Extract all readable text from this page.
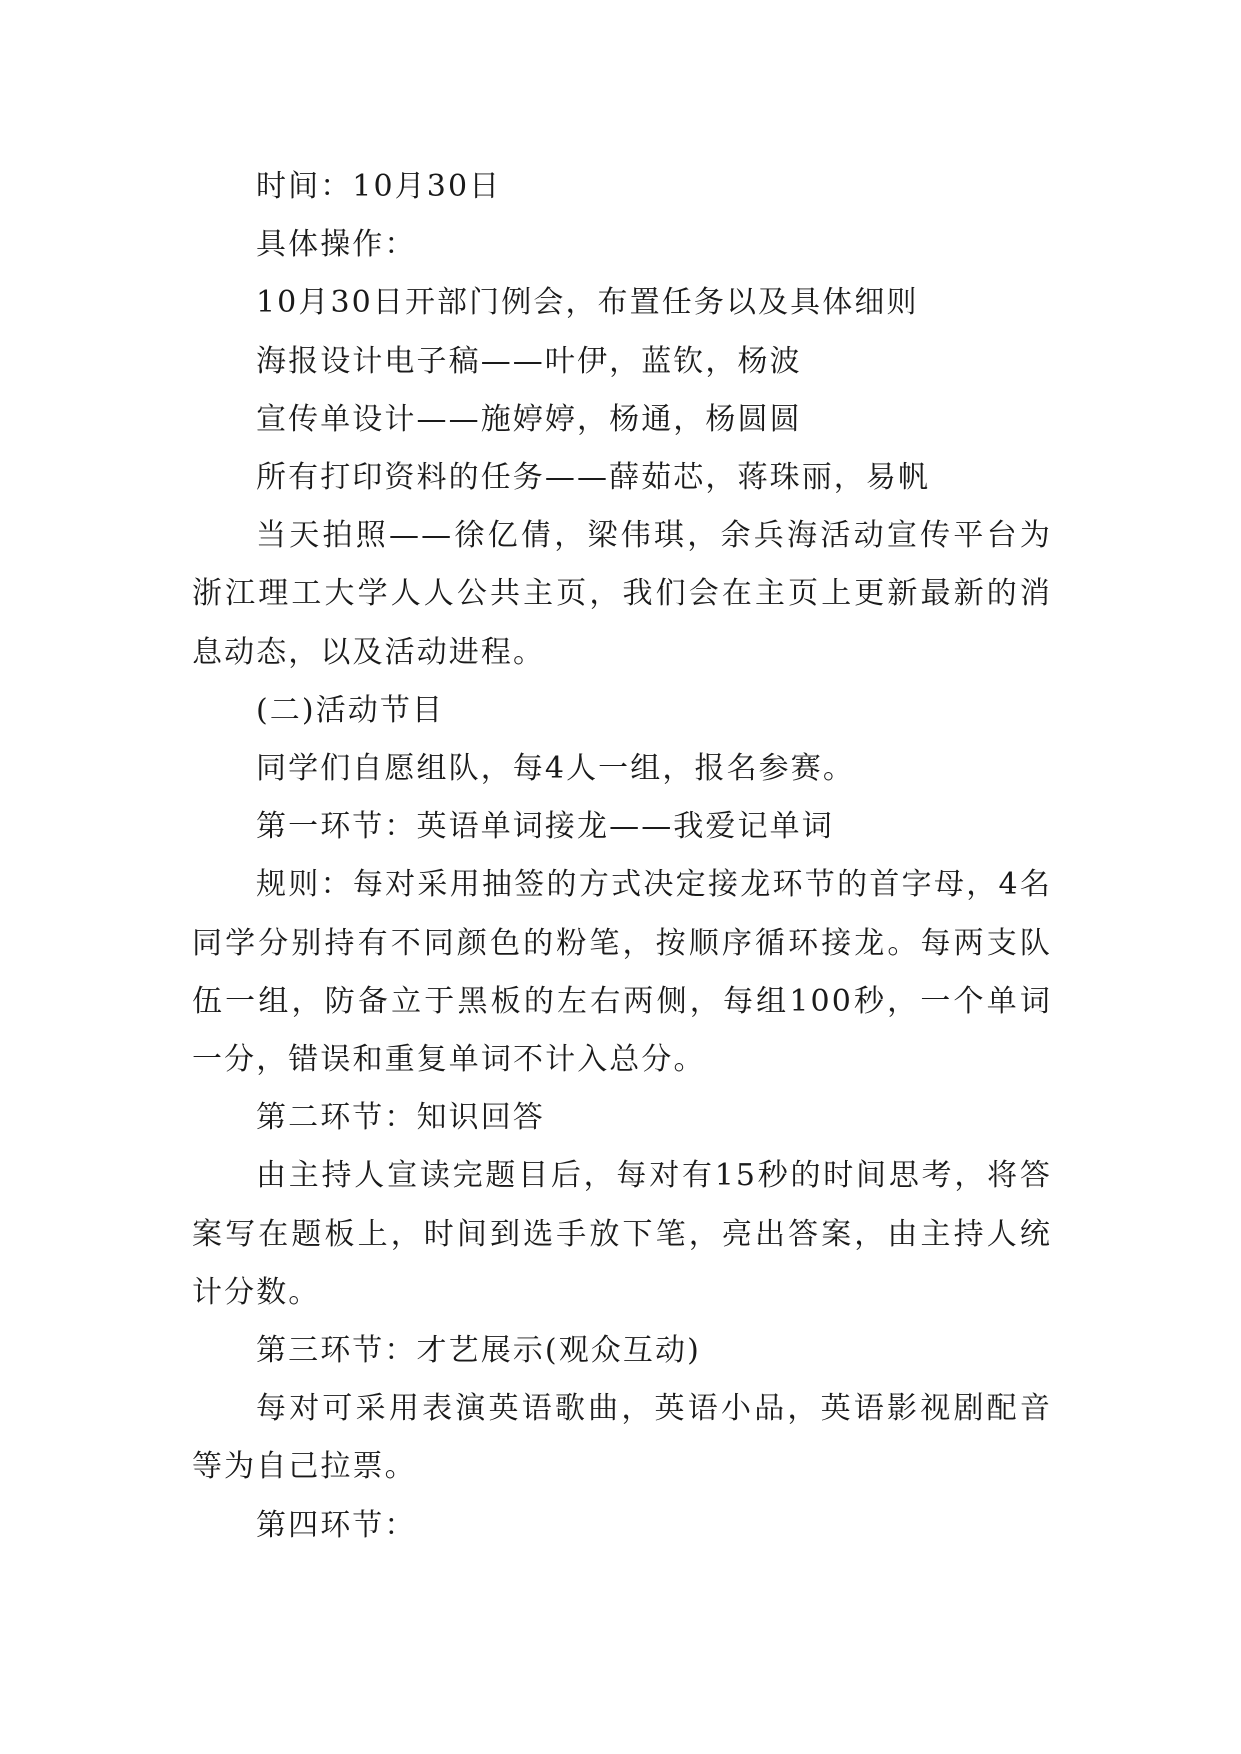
时间：10月30日

具体操作：

10月30日开部门例会，布置任务以及具体细则

海报设计电子稿——叶伊，蓝钦，杨波

宣传单设计——施婷婷，杨通，杨圆圆

所有打印资料的任务——薛茹芯，蒋珠丽，易帆

当天拍照——徐亿倩，梁伟琪，余兵海活动宣传平台为浙江理工大学人人公共主页，我们会在主页上更新最新的消息动态，以及活动进程。

(二)活动节目

同学们自愿组队，每4人一组，报名参赛。

第一环节：英语单词接龙——我爱记单词

规则：每对采用抽签的方式决定接龙环节的首字母，4名同学分别持有不同颜色的粉笔，按顺序循环接龙。每两支队伍一组，防备立于黑板的左右两侧，每组100秒，一个单词一分，错误和重复单词不计入总分。

第二环节：知识回答

由主持人宣读完题目后，每对有15秒的时间思考，将答案写在题板上，时间到选手放下笔，亮出答案，由主持人统计分数。

第三环节：才艺展示(观众互动)

每对可采用表演英语歌曲，英语小品，英语影视剧配音等为自己拉票。

第四环节：
